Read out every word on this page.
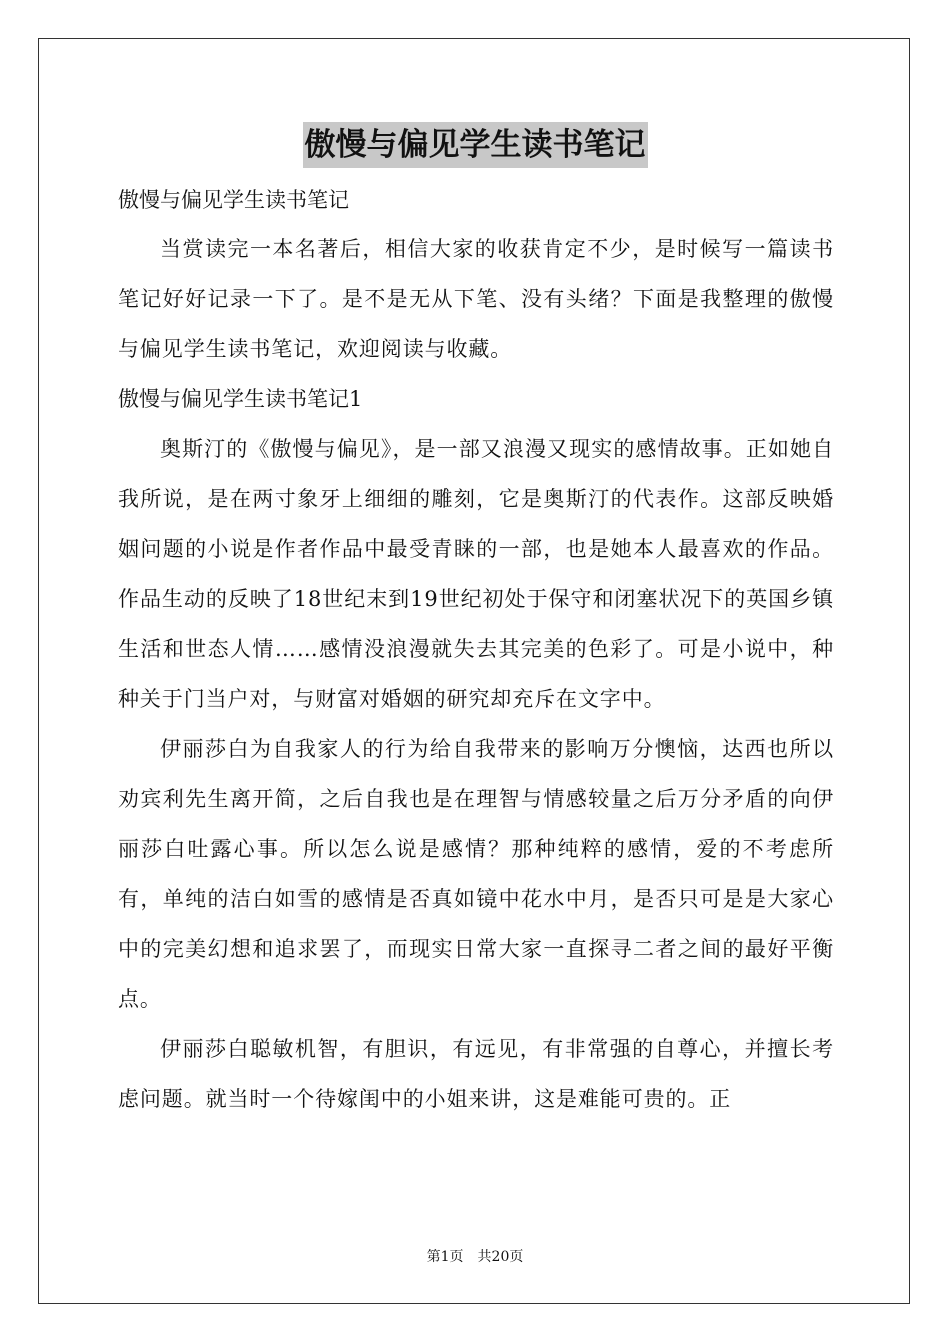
傲慢与偏见学生读书笔记

傲慢与偏见学生读书笔记

当赏读完一本名著后，相信大家的收获肯定不少，是时候写一篇读书笔记好好记录一下了。是不是无从下笔、没有头绪？下面是我整理的傲慢与偏见学生读书笔记，欢迎阅读与收藏。

傲慢与偏见学生读书笔记1

奥斯汀的《傲慢与偏见》，是一部又浪漫又现实的感情故事。正如她自我所说，是在两寸象牙上细细的雕刻，它是奥斯汀的代表作。这部反映婚姻问题的小说是作者作品中最受青睐的一部，也是她本人最喜欢的作品。作品生动的反映了18世纪末到19世纪初处于保守和闭塞状况下的英国乡镇生活和世态人情……感情没浪漫就失去其完美的色彩了。可是小说中，种种关于门当户对，与财富对婚姻的研究却充斥在文字中。

伊丽莎白为自我家人的行为给自我带来的影响万分懊恼，达西也所以劝宾利先生离开简，之后自我也是在理智与情感较量之后万分矛盾的向伊丽莎白吐露心事。所以怎么说是感情？那种纯粹的感情，爱的不考虑所有，单纯的洁白如雪的感情是否真如镜中花水中月，是否只可是是大家心中的完美幻想和追求罢了，而现实日常大家一直探寻二者之间的最好平衡点。

伊丽莎白聪敏机智，有胆识，有远见，有非常强的自尊心，并擅长考虑问题。就当时一个待嫁闺中的小姐来讲，这是难能可贵的。正

第1页　共20页
